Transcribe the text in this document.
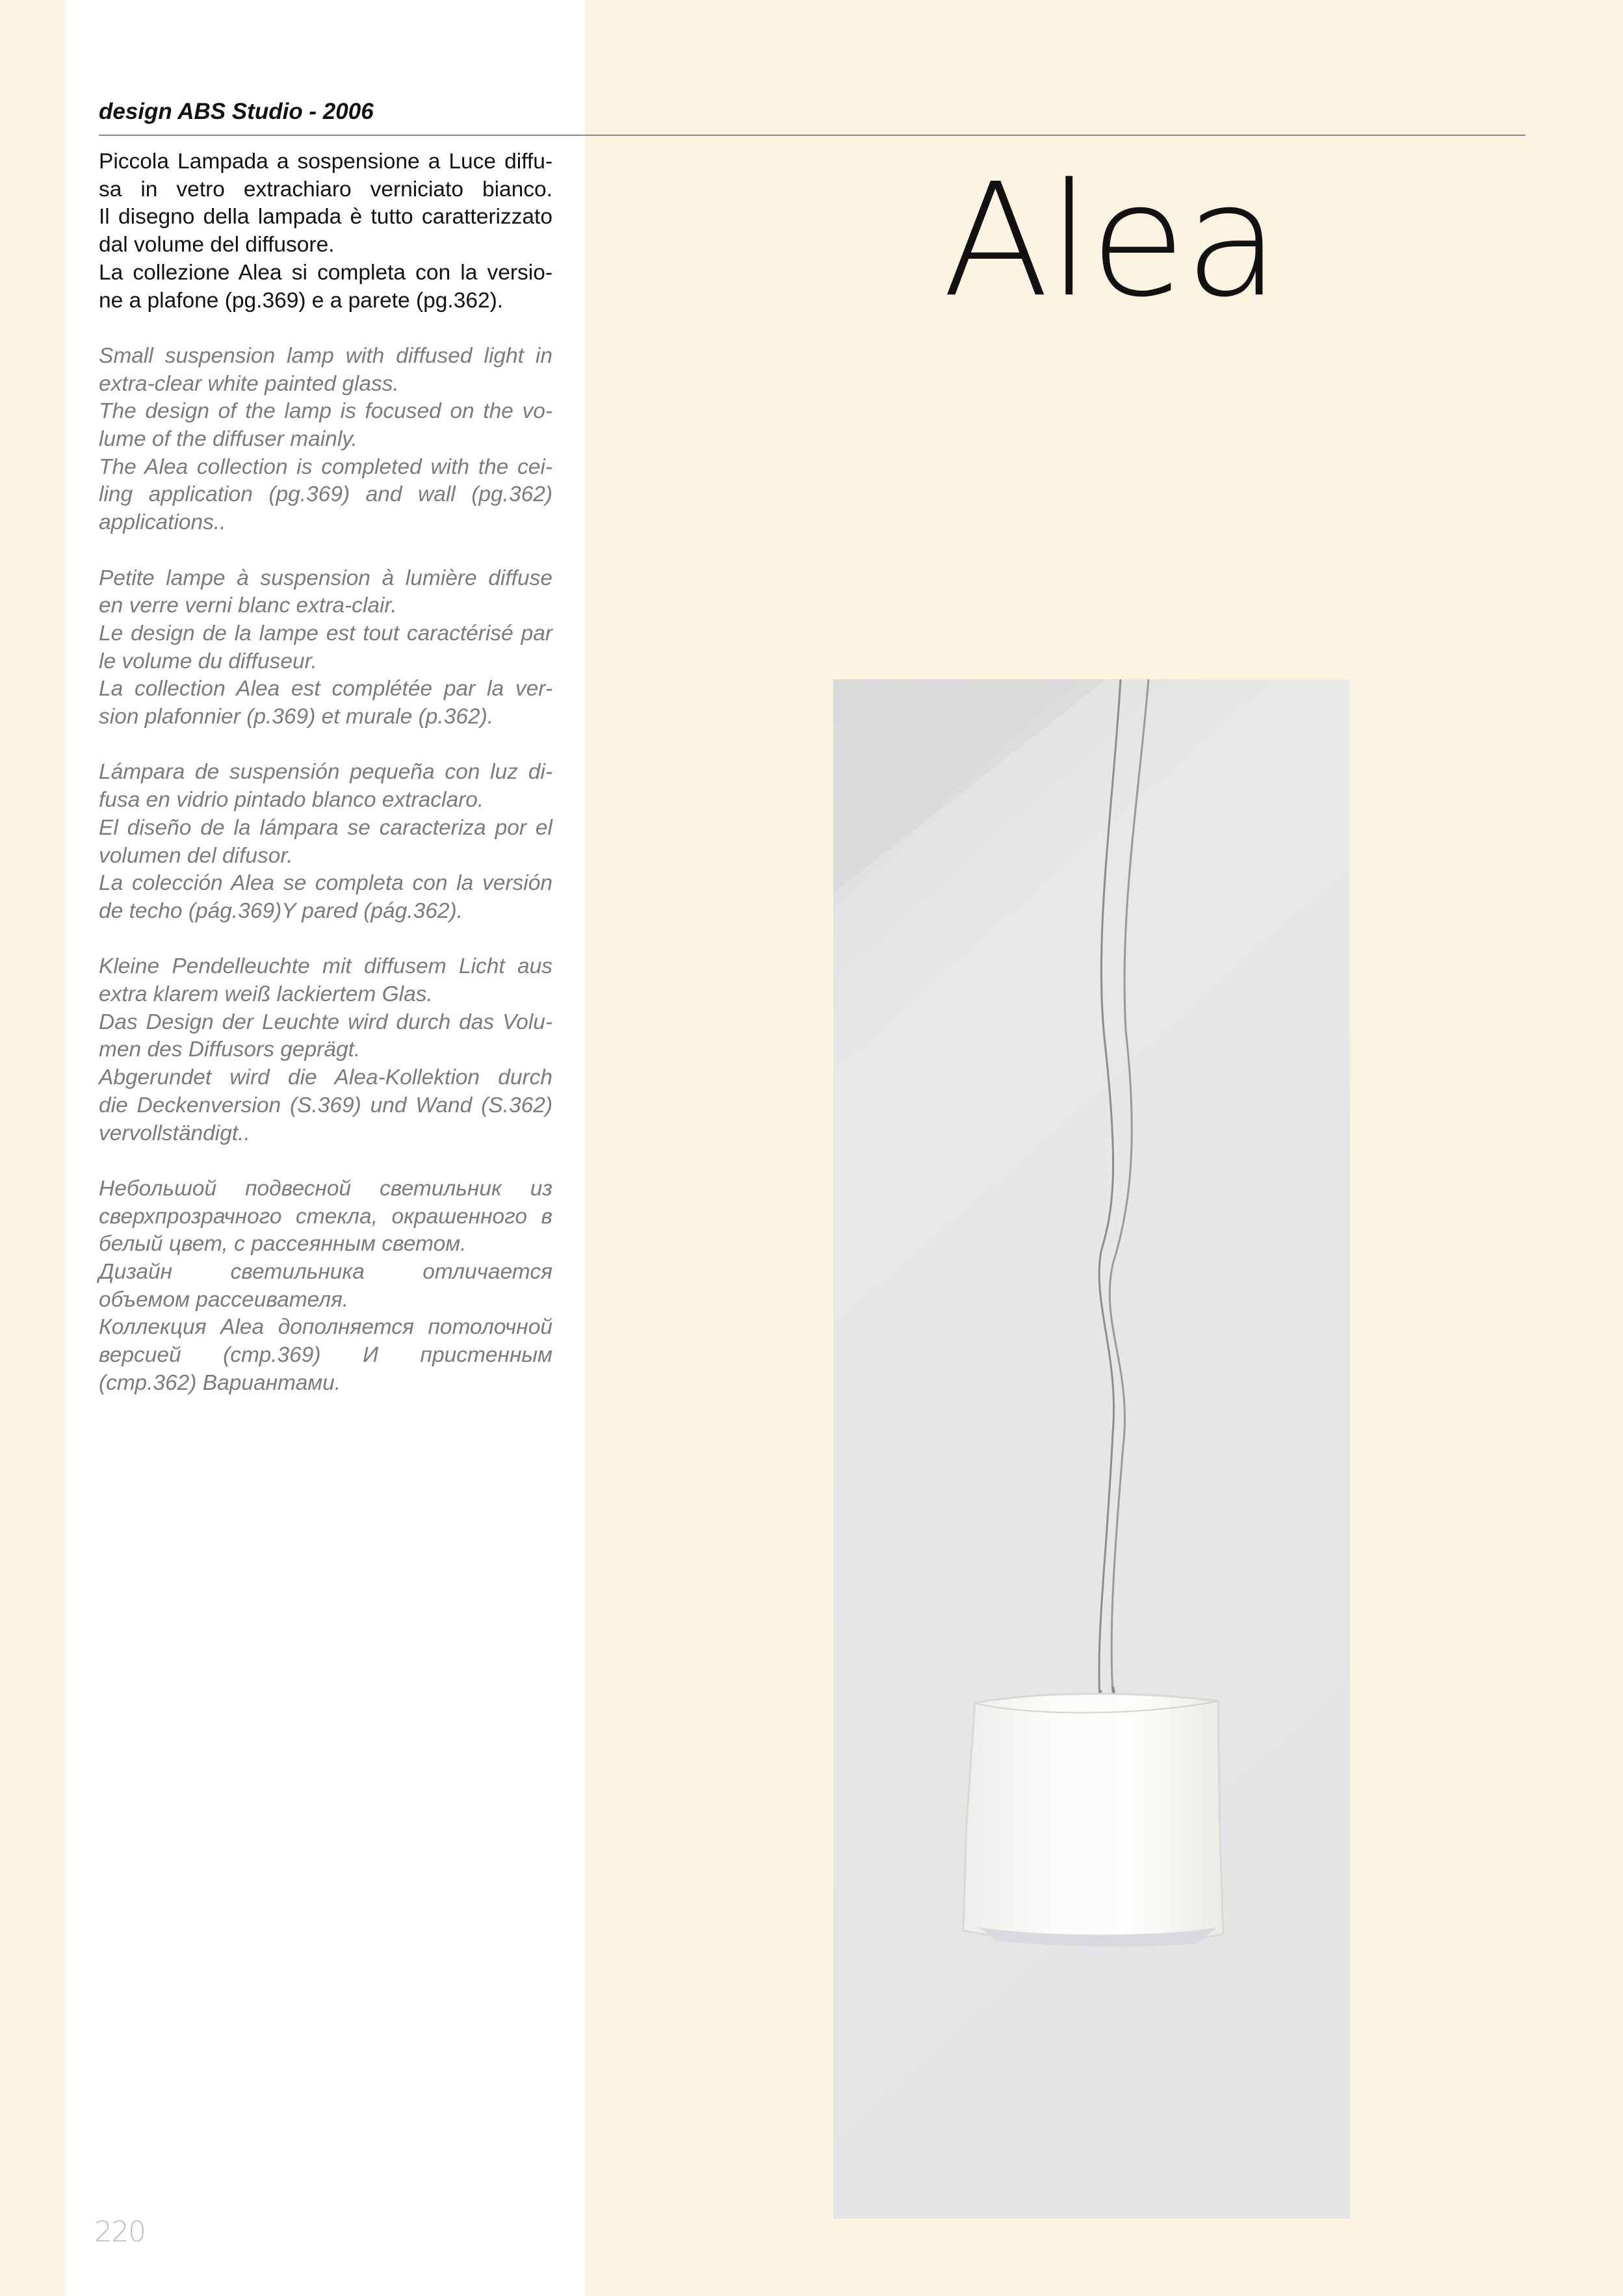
design ABS Studio - 2006
Piccola Lampada a sospensione a Luce diffu-
sa in vetro extrachiaro verniciato bianco.
Il disegno della lampada è tutto caratterizzato
dal volume del diffusore.
La collezione Alea si completa con la versio-
ne a plafone (pg.369) e a parete (pg.362).
Small suspension lamp with diffused light in
extra-clear white painted glass.
The design of the lamp is focused on the vo-
lume of the diffuser mainly.
The Alea collection is completed with the cei-
ling application (pg.369) and wall (pg.362)
applications..
Petite lampe à suspension à lumière diffuse
en verre verni blanc extra-clair.
Le design de la lampe est tout caractérisé par
le volume du diffuseur.
La collection Alea est complétée par la ver-
sion plafonnier (p.369) et murale (p.362).
Lámpara de suspensión pequeña con luz di-
fusa en vidrio pintado blanco extraclaro.
El diseño de la lámpara se caracteriza por el
volumen del difusor.
La colección Alea se completa con la versión
de techo (pág.369)Y pared (pág.362).
Kleine Pendelleuchte mit diffusem Licht aus
extra klarem weiß lackiertem Glas.
Das Design der Leuchte wird durch das Volu-
men des Diffusors geprägt.
Abgerundet wird die Alea-Kollektion durch
die Deckenversion (S.369) und Wand (S.362)
vervollständigt..
Небольшой подвесной светильник из
сверхпрозрачного стекла, окрашенного в
белый цвет, с рассеянным светом.
Дизайн светильника отличается
объемом рассеивателя.
Коллекция Alea дополняется потолочной
версией (стр.369) И пристенным
(стр.362) Вариантами.
Alea
220
